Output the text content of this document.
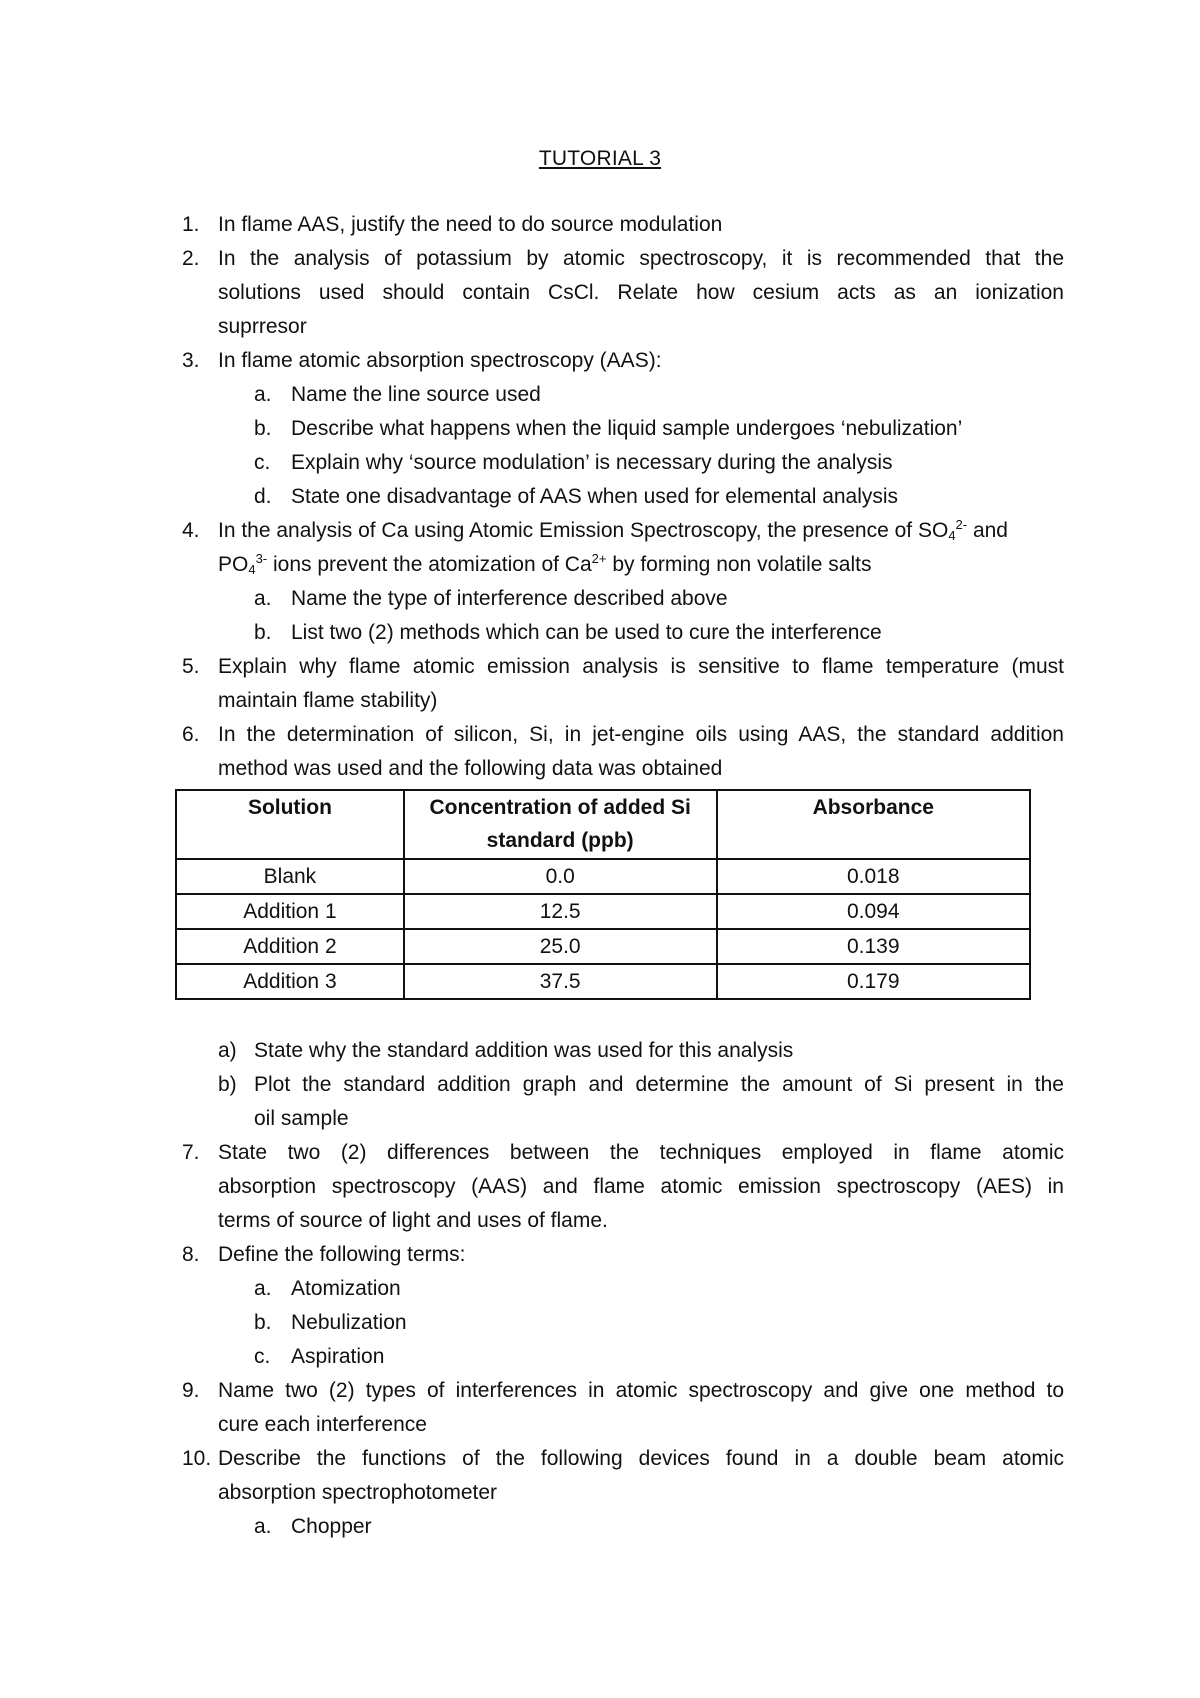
TUTORIAL 3
1. In flame AAS, justify the need to do source modulation
2. In the analysis of potassium by atomic spectroscopy, it is recommended that the
solutions used should contain CsCl. Relate how cesium acts as an ionization
suprresor
3. In flame atomic absorption spectroscopy (AAS):
a. Name the line source used
b. Describe what happens when the liquid sample undergoes ‘nebulization’
c. Explain why ‘source modulation’ is necessary during the analysis
d. State one disadvantage of AAS when used for elemental analysis
4. In the analysis of Ca using Atomic Emission Spectroscopy, the presence of $SO_4^{2-}$ and
$PO_4^{3-}$ ions prevent the atomization of $Ca^{2+}$ by forming non volatile salts
a. Name the type of interference described above
b. List two (2) methods which can be used to cure the interference
5. Explain why flame atomic emission analysis is sensitive to flame temperature (must
maintain flame stability)
6. In the determination of silicon, Si, in jet-engine oils using AAS, the standard addition
method was used and the following data was obtained
Solution	Concentration of added Si standard (ppb)	Absorbance
Blank	0.0	0.018
Addition 1	12.5	0.094
Addition 2	25.0	0.139
Addition 3	37.5	0.179
a) State why the standard addition was used for this analysis
b) Plot the standard addition graph and determine the amount of Si present in the
oil sample
7. State two (2) differences between the techniques employed in flame atomic
absorption spectroscopy (AAS) and flame atomic emission spectroscopy (AES) in
terms of source of light and uses of flame.
8. Define the following terms:
a. Atomization
b. Nebulization
c. Aspiration
9. Name two (2) types of interferences in atomic spectroscopy and give one method to
cure each interference
10. Describe the functions of the following devices found in a double beam atomic
absorption spectrophotometer
a. Chopper
